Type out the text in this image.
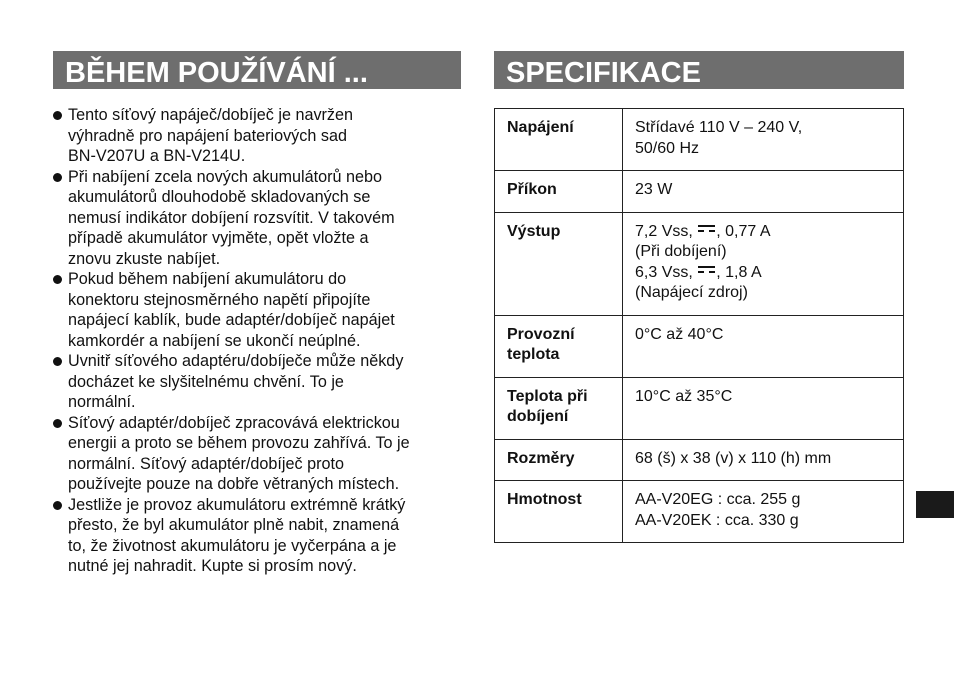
BĚHEM POUŽÍVÁNÍ ...	SPECIFIKACE
Tento síťový napáječ/dobíječ je navržen
výhradně pro napájení bateriových sad
BN-V207U a BN-V214U.
Při nabíjení zcela nových akumulátorů nebo
akumulátorů dlouhodobě skladovaných se
nemusí indikátor dobíjení rozsvítit. V takovém
případě akumulátor vyjměte, opět vložte a
znovu zkuste nabíjet.
Pokud během nabíjení akumulátoru do
konektoru stejnosměrného napětí připojíte
napájecí kablík, bude adaptér/dobíječ napájet
kamkordér a nabíjení se ukončí neúplné.
Uvnitř síťového adaptéru/dobíječe může někdy
docházet ke slyšitelnému chvění. To je
normální.
Síťový adaptér/dobíječ zpracovává elektrickou
energii a proto se během provozu zahřívá. To je
normální. Síťový adaptér/dobíječ proto
používejte pouze na dobře větraných místech.
Jestliže je provoz akumulátoru extrémně krátký
přesto, že byl akumulátor plně nabit, znamená
to, že životnost akumulátoru je vyčerpána a je
nutné jej nahradit. Kupte si prosím nový.
Napájení	Střídavé 110 V – 240 V,
50/60 Hz

Příkon	23 W

Výstup	7,2 Vss, , 0,77 A
(Při dobíjení)
6,3 Vss, , 1,8 A
(Napájecí zdroj)

Provozní
teplota	0°C až 40°C

Teplota při
dobíjení	10°C až 35°C

Rozměry	68 (š) x 38 (v) x 110 (h) mm

Hmotnost	AA-V20EG : cca. 255 g
AA-V20EK : cca. 330 g
